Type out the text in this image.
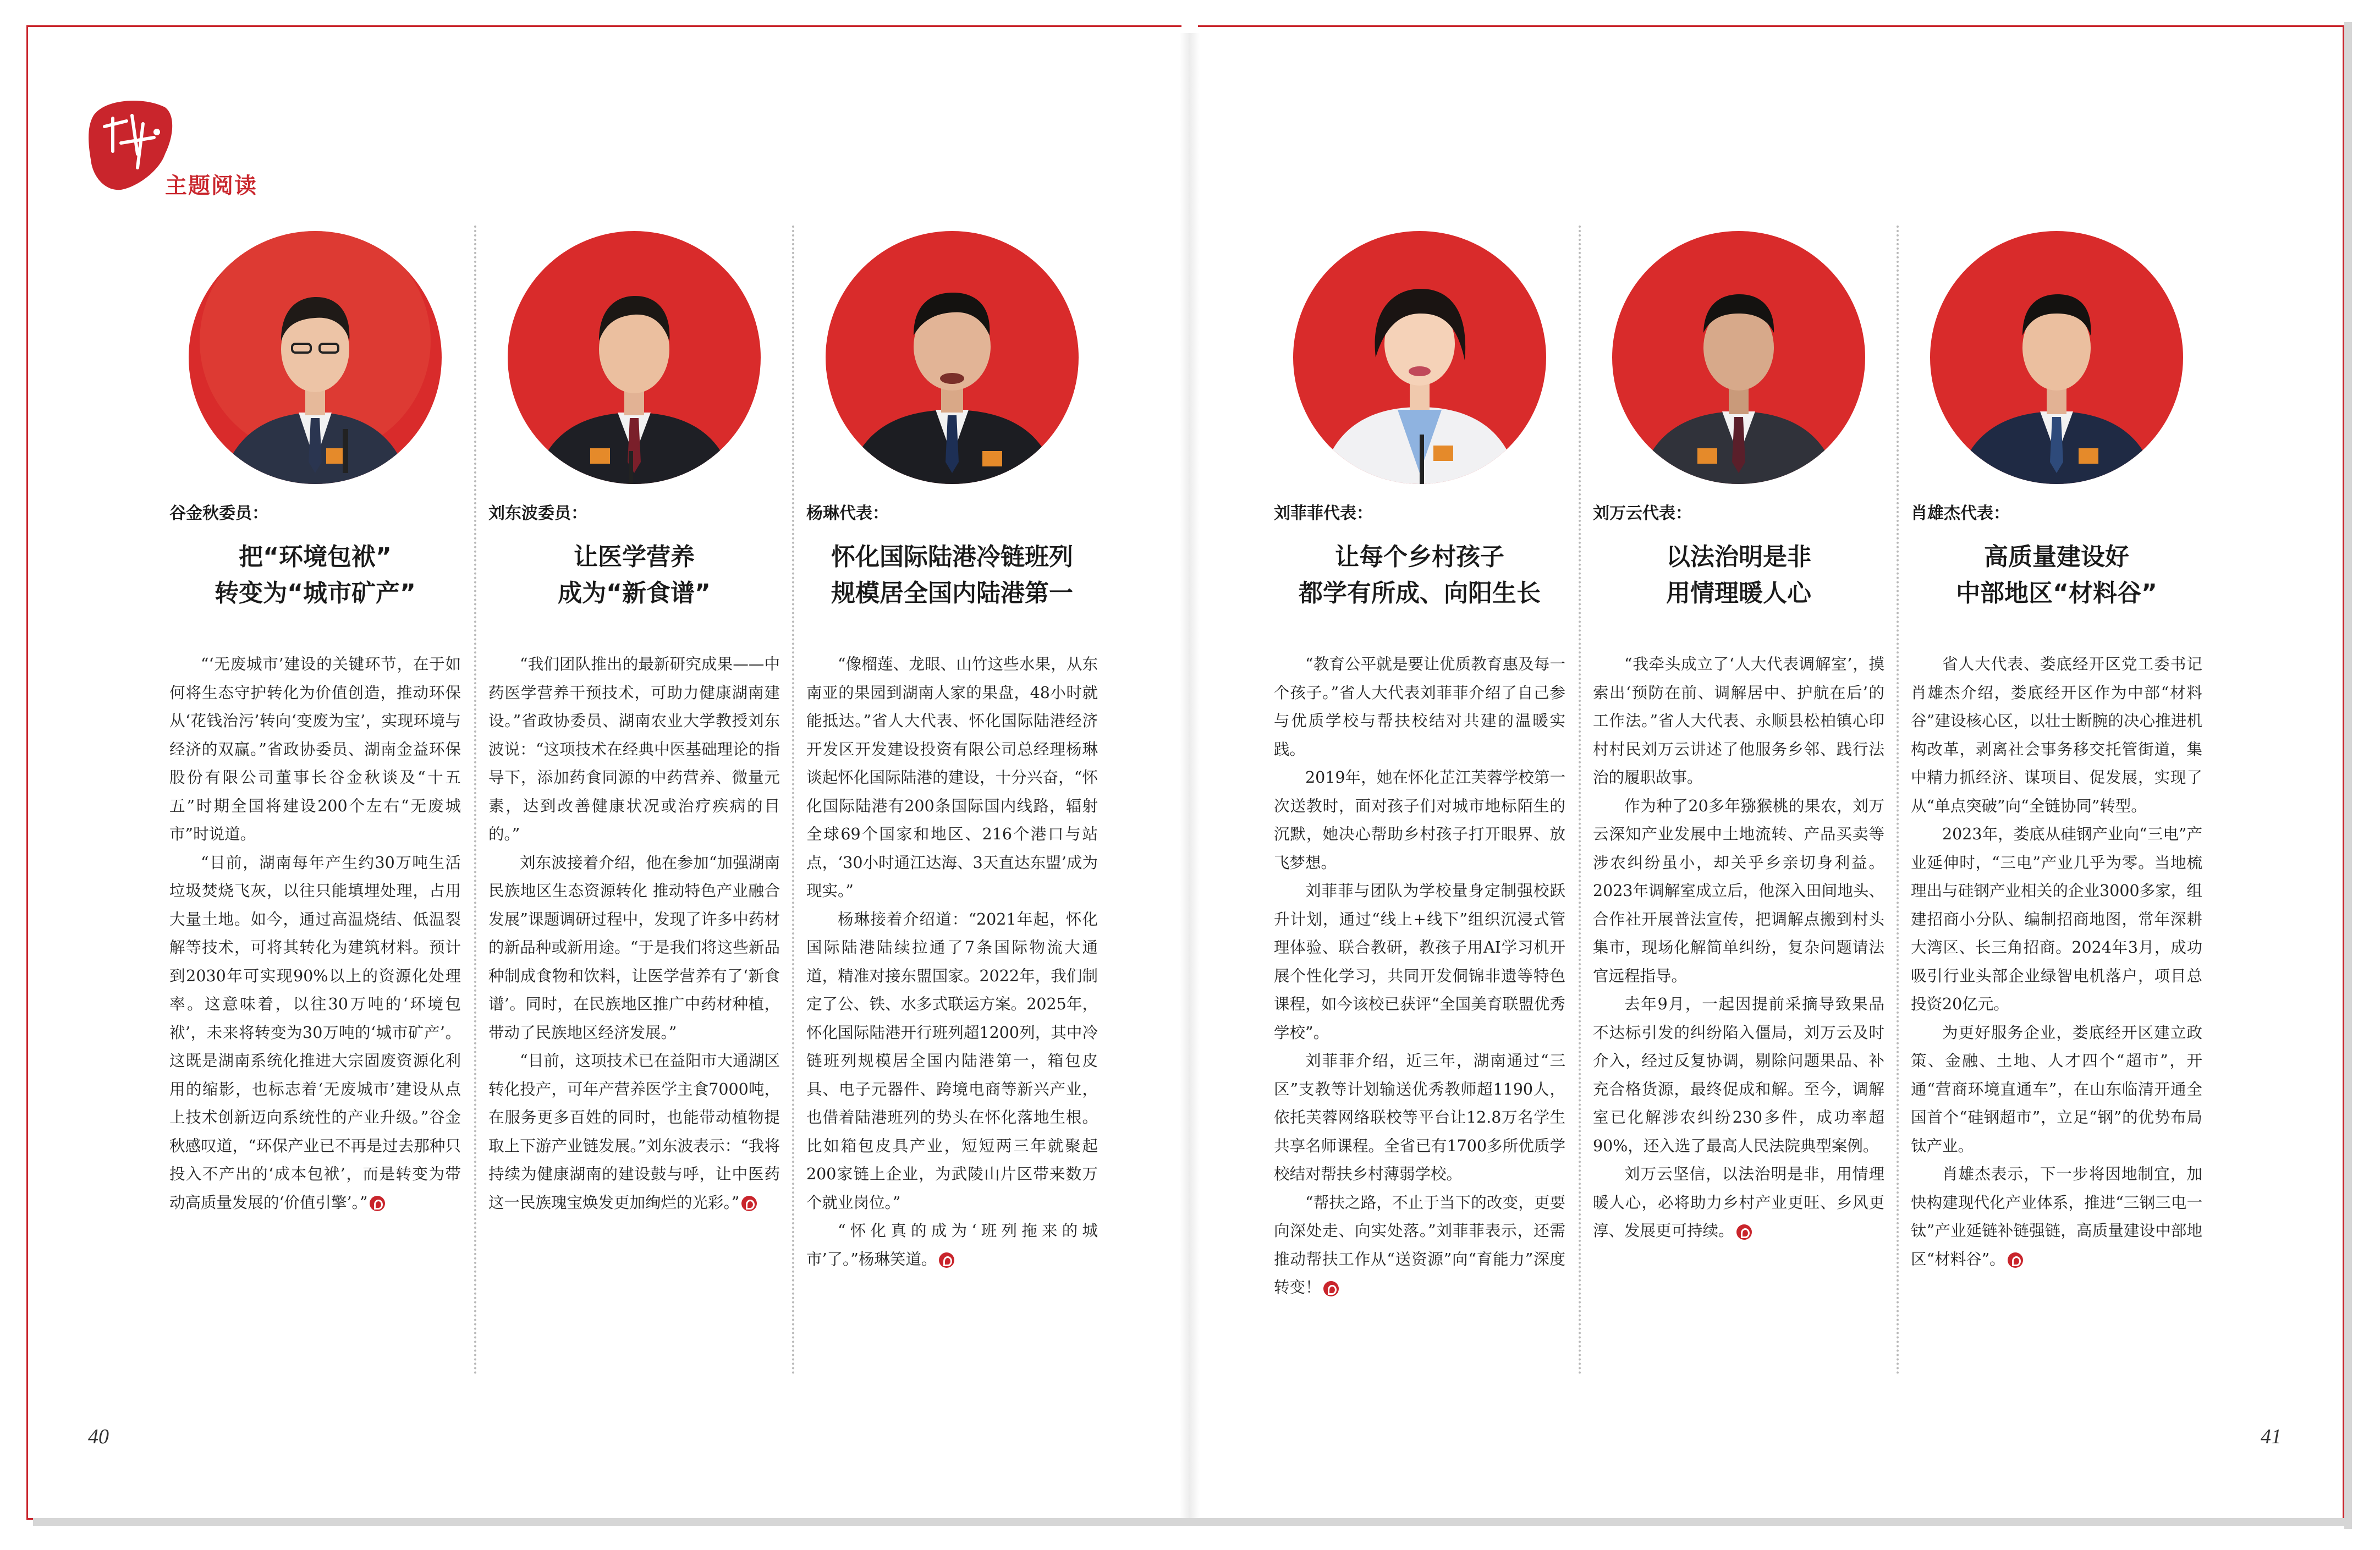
主题阅读
谷金秋委员：
把“环境包袱”
转变为“城市矿产”

“‘无废城市’建设的关键环节，在于如何将生态守护转化为价值创造，推动环保从‘花钱治污’转向‘变废为宝’，实现环境与经济的双赢。”省政协委员、湖南金益环保股份有限公司董事长谷金秋谈及“十五五”时期全国将建设200个左右“无废城市”时说道。

“目前，湖南每年产生约30万吨生活垃圾焚烧飞灰，以往只能填埋处理，占用大量土地。如今，通过高温烧结、低温裂解等技术，可将其转化为建筑材料。预计到2030年可实现90%以上的资源化处理率。这意味着，以往30万吨的‘环境包袱’，未来将转变为30万吨的‘城市矿产’。这既是湖南系统化推进大宗固废资源化利用的缩影，也标志着‘无废城市’建设从点上技术创新迈向系统性的产业升级。”谷金秋感叹道，“环保产业已不再是过去那种只投入不产出的‘成本包袱’，而是转变为带动高质量发展的‘价值引擎’。”

刘东波委员：
让医学营养
成为“新食谱”

“我们团队推出的最新研究成果——中药医学营养干预技术，可助力健康湖南建设。”省政协委员、湖南农业大学教授刘东波说：“这项技术在经典中医基础理论的指导下，添加药食同源的中药营养、微量元素，达到改善健康状况或治疗疾病的目的。”

刘东波接着介绍，他在参加“加强湖南民族地区生态资源转化 推动特色产业融合发展”课题调研过程中，发现了许多中药材的新品种或新用途。“于是我们将这些新品种制成食物和饮料，让医学营养有了‘新食谱’。同时，在民族地区推广中药材种植，带动了民族地区经济发展。”

“目前，这项技术已在益阳市大通湖区转化投产，可年产营养医学主食7000吨，在服务更多百姓的同时，也能带动植物提取上下游产业链发展。”刘东波表示：“我将持续为健康湖南的建设鼓与呼，让中医药这一民族瑰宝焕发更加绚烂的光彩。”

杨琳代表：
怀化国际陆港冷链班列
规模居全国内陆港第一

“像榴莲、龙眼、山竹这些水果，从东南亚的果园到湖南人家的果盘，48小时就能抵达。”省人大代表、怀化国际陆港经济开发区开发建设投资有限公司总经理杨琳谈起怀化国际陆港的建设，十分兴奋，“怀化国际陆港有200条国际国内线路，辐射全球69个国家和地区、216个港口与站点，‘30小时通江达海、3天直达东盟’成为现实。”

杨琳接着介绍道：“2021年起，怀化国际陆港陆续拉通了7条国际物流大通道，精准对接东盟国家。2022年，我们制定了公、铁、水多式联运方案。2025年，怀化国际陆港开行班列超1200列，其中冷链班列规模居全国内陆港第一，箱包皮具、电子元器件、跨境电商等新兴产业，也借着陆港班列的势头在怀化落地生根。比如箱包皮具产业，短短两三年就聚起200家链上企业，为武陵山片区带来数万个就业岗位。”

“怀化真的成为‘班列拖来的城市’了。”杨琳笑道。

刘菲菲代表：
让每个乡村孩子
都学有所成、向阳生长

“教育公平就是要让优质教育惠及每一个孩子。”省人大代表刘菲菲介绍了自己参与优质学校与帮扶校结对共建的温暖实践。

2019年，她在怀化芷江芙蓉学校第一次送教时，面对孩子们对城市地标陌生的沉默，她决心帮助乡村孩子打开眼界、放飞梦想。

刘菲菲与团队为学校量身定制强校跃升计划，通过“线上+线下”组织沉浸式管理体验、联合教研，教孩子用AI学习机开展个性化学习，共同开发侗锦非遗等特色课程，如今该校已获评“全国美育联盟优秀学校”。

刘菲菲介绍，近三年，湖南通过“三区”支教等计划输送优秀教师超1190人，依托芙蓉网络联校等平台让12.8万名学生共享名师课程。全省已有1700多所优质学校结对帮扶乡村薄弱学校。

“帮扶之路，不止于当下的改变，更要向深处走、向实处落。”刘菲菲表示，还需推动帮扶工作从“送资源”向“育能力”深度转变！

刘万云代表：
以法治明是非
用情理暖人心

“我牵头成立了‘人大代表调解室’，摸索出‘预防在前、调解居中、护航在后’的工作法。”省人大代表、永顺县松柏镇心印村村民刘万云讲述了他服务乡邻、践行法治的履职故事。

作为种了20多年猕猴桃的果农，刘万云深知产业发展中土地流转、产品买卖等涉农纠纷虽小，却关乎乡亲切身利益。2023年调解室成立后，他深入田间地头、合作社开展普法宣传，把调解点搬到村头集市，现场化解简单纠纷，复杂问题请法官远程指导。

去年9月，一起因提前采摘导致果品不达标引发的纠纷陷入僵局，刘万云及时介入，经过反复协调，剔除问题果品、补充合格货源，最终促成和解。至今，调解室已化解涉农纠纷230多件，成功率超90%，还入选了最高人民法院典型案例。

刘万云坚信，以法治明是非，用情理暖人心，必将助力乡村产业更旺、乡风更淳、发展更可持续。

肖雄杰代表：
高质量建设好
中部地区“材料谷”

省人大代表、娄底经开区党工委书记肖雄杰介绍，娄底经开区作为中部“材料谷”建设核心区，以壮士断腕的决心推进机构改革，剥离社会事务移交托管街道，集中精力抓经济、谋项目、促发展，实现了从“单点突破”向“全链协同”转型。

2023年，娄底从硅钢产业向“三电”产业延伸时，“三电”产业几乎为零。当地梳理出与硅钢产业相关的企业3000多家，组建招商小分队、编制招商地图，常年深耕大湾区、长三角招商。2024年3月，成功吸引行业头部企业绿智电机落户，项目总投资20亿元。

为更好服务企业，娄底经开区建立政策、金融、土地、人才四个“超市”，开通“营商环境直通车”，在山东临清开通全国首个“硅钢超市”，立足“钢”的优势布局钛产业。

肖雄杰表示，下一步将因地制宜，加快构建现代化产业体系，推进“三钢三电一钛”产业延链补链强链，高质量建设中部地区“材料谷”。

40	41
